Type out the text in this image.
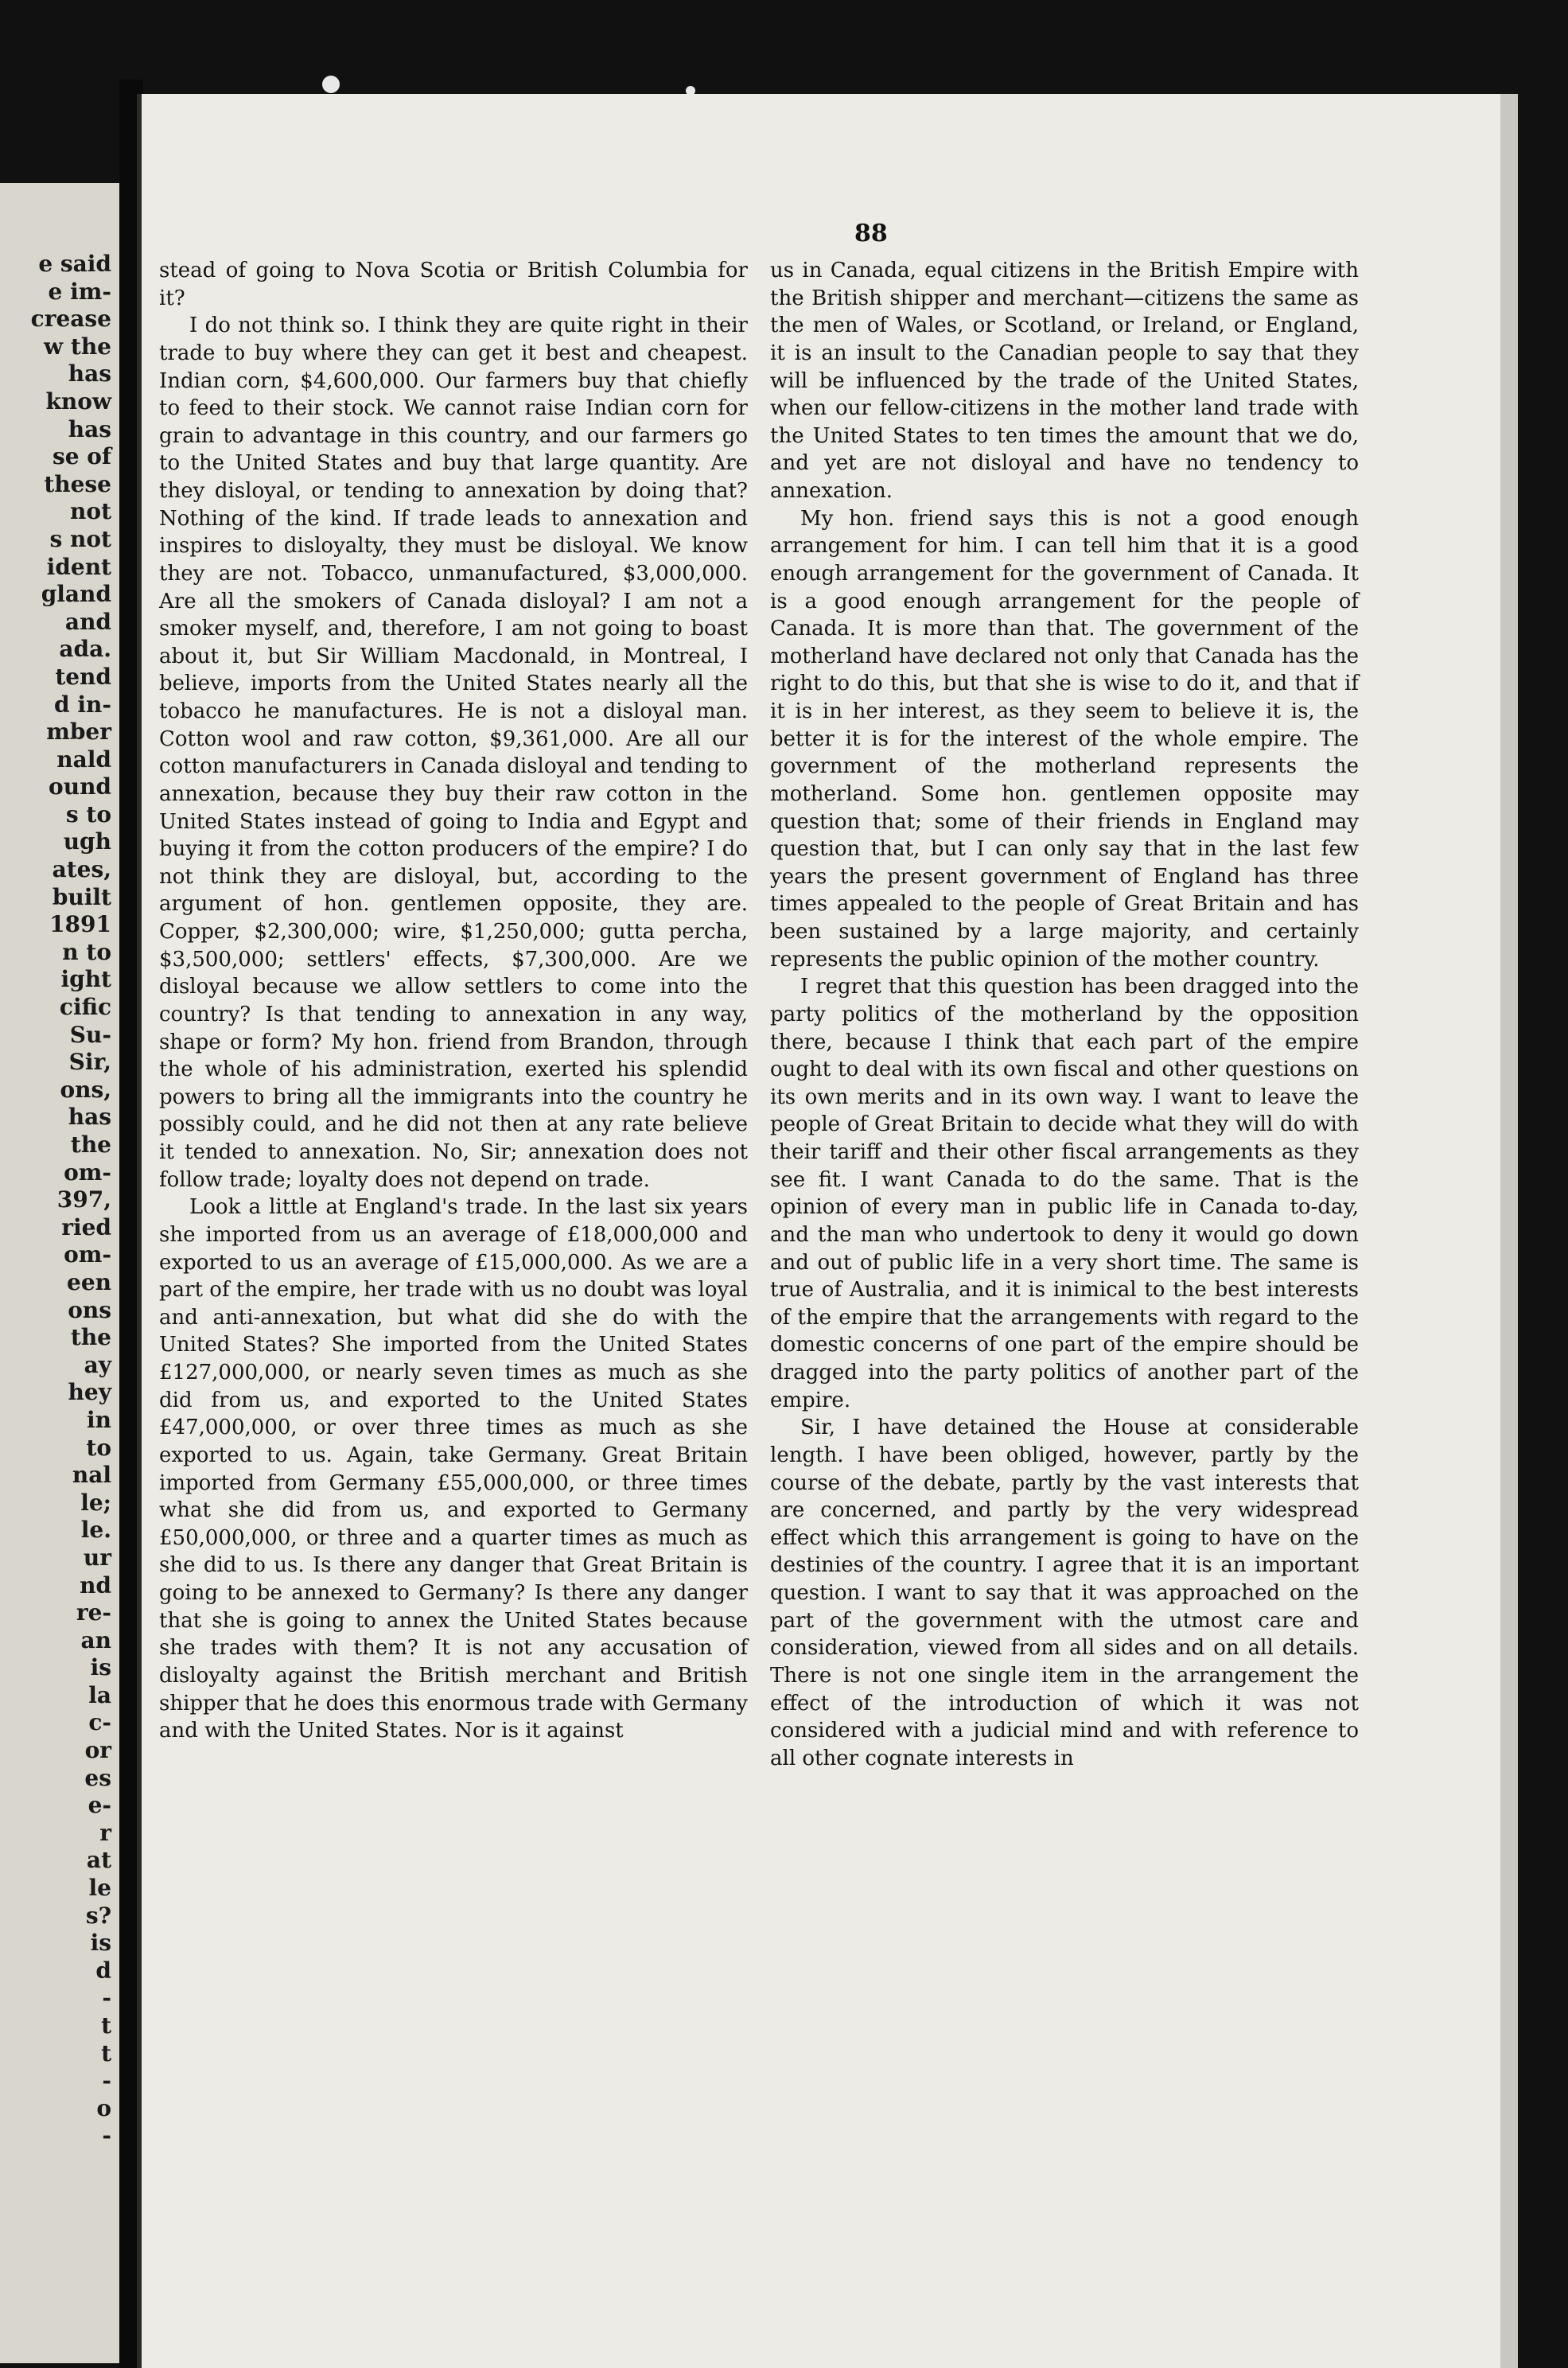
e said
e im-
crease
w the
has
know
has
se of
these
not
s not
ident
gland
and
ada.
tend
d in-
mber
nald
ound
s to
ugh
ates,
built
1891
n to
ight
cific
Su-
Sir,
ons,
has
the
om-
397,
ried
om-
een
ons
the
ay
hey
in
to
nal
le;
le.
ur
nd
re-
an
is
la
c-
or
es
e-
r
at
le
s?
is
d
-
t
t
-
o
-
88

stead of going to Nova Scotia or British Columbia for it?

I do not think so. I think they are quite right in their trade to buy where they can get it best and cheapest. Indian corn, $4,600,000. Our farmers buy that chiefly to feed to their stock. We cannot raise Indian corn for grain to advantage in this country, and our farmers go to the United States and buy that large quantity. Are they disloyal, or tending to annexation by doing that? Nothing of the kind. If trade leads to annexation and inspires to disloyalty, they must be disloyal. We know they are not. Tobacco, unmanufactured, $3,000,000. Are all the smokers of Canada disloyal? I am not a smoker myself, and, therefore, I am not going to boast about it, but Sir William Macdonald, in Montreal, I believe, imports from the United States nearly all the tobacco he manufactures. He is not a disloyal man. Cotton wool and raw cotton, $9,361,000. Are all our cotton manufacturers in Canada disloyal and tending to annexation, because they buy their raw cotton in the United States instead of going to India and Egypt and buying it from the cotton producers of the empire? I do not think they are disloyal, but, according to the argument of hon. gentlemen opposite, they are. Copper, $2,300,000; wire, $1,250,000; gutta percha, $3,500,000; settlers' effects, $7,300,000. Are we disloyal because we allow settlers to come into the country? Is that tending to annexation in any way, shape or form? My hon. friend from Brandon, through the whole of his administration, exerted his splendid powers to bring all the immigrants into the country he possibly could, and he did not then at any rate believe it tended to annexation. No, Sir; annexation does not follow trade; loyalty does not depend on trade.

Look a little at England's trade. In the last six years she imported from us an average of £18,000,000 and exported to us an average of £15,000,000. As we are a part of the empire, her trade with us no doubt was loyal and anti-annexation, but what did she do with the United States? She imported from the United States £127,000,000, or nearly seven times as much as she did from us, and exported to the United States £47,000,000, or over three times as much as she exported to us. Again, take Germany. Great Britain imported from Germany £55,000,000, or three times what she did from us, and exported to Germany £50,000,000, or three and a quarter times as much as she did to us. Is there any danger that Great Britain is going to be annexed to Germany? Is there any danger that she is going to annex the United States because she trades with them? It is not any accusation of disloyalty against the British merchant and British shipper that he does this enormous trade with Germany and with the United States. Nor is it against

us in Canada, equal citizens in the British Empire with the British shipper and merchant—citizens the same as the men of Wales, or Scotland, or Ireland, or England, it is an insult to the Canadian people to say that they will be influenced by the trade of the United States, when our fellow-citizens in the mother land trade with the United States to ten times the amount that we do, and yet are not disloyal and have no tendency to annexation.

My hon. friend says this is not a good enough arrangement for him. I can tell him that it is a good enough arrangement for the government of Canada. It is a good enough arrangement for the people of Canada. It is more than that. The government of the motherland have declared not only that Canada has the right to do this, but that she is wise to do it, and that if it is in her interest, as they seem to believe it is, the better it is for the interest of the whole empire. The government of the motherland represents the motherland. Some hon. gentlemen opposite may question that; some of their friends in England may question that, but I can only say that in the last few years the present government of England has three times appealed to the people of Great Britain and has been sustained by a large majority, and certainly represents the public opinion of the mother country.

I regret that this question has been dragged into the party politics of the motherland by the opposition there, because I think that each part of the empire ought to deal with its own fiscal and other questions on its own merits and in its own way. I want to leave the people of Great Britain to decide what they will do with their tariff and their other fiscal arrangements as they see fit. I want Canada to do the same. That is the opinion of every man in public life in Canada to-day, and the man who undertook to deny it would go down and out of public life in a very short time. The same is true of Australia, and it is inimical to the best interests of the empire that the arrangements with regard to the domestic concerns of one part of the empire should be dragged into the party politics of another part of the empire.

Sir, I have detained the House at considerable length. I have been obliged, however, partly by the course of the debate, partly by the vast interests that are concerned, and partly by the very widespread effect which this arrangement is going to have on the destinies of the country. I agree that it is an important question. I want to say that it was approached on the part of the government with the utmost care and consideration, viewed from all sides and on all details. There is not one single item in the arrangement the effect of the introduction of which it was not considered with a judicial mind and with reference to all other cognate interests in
